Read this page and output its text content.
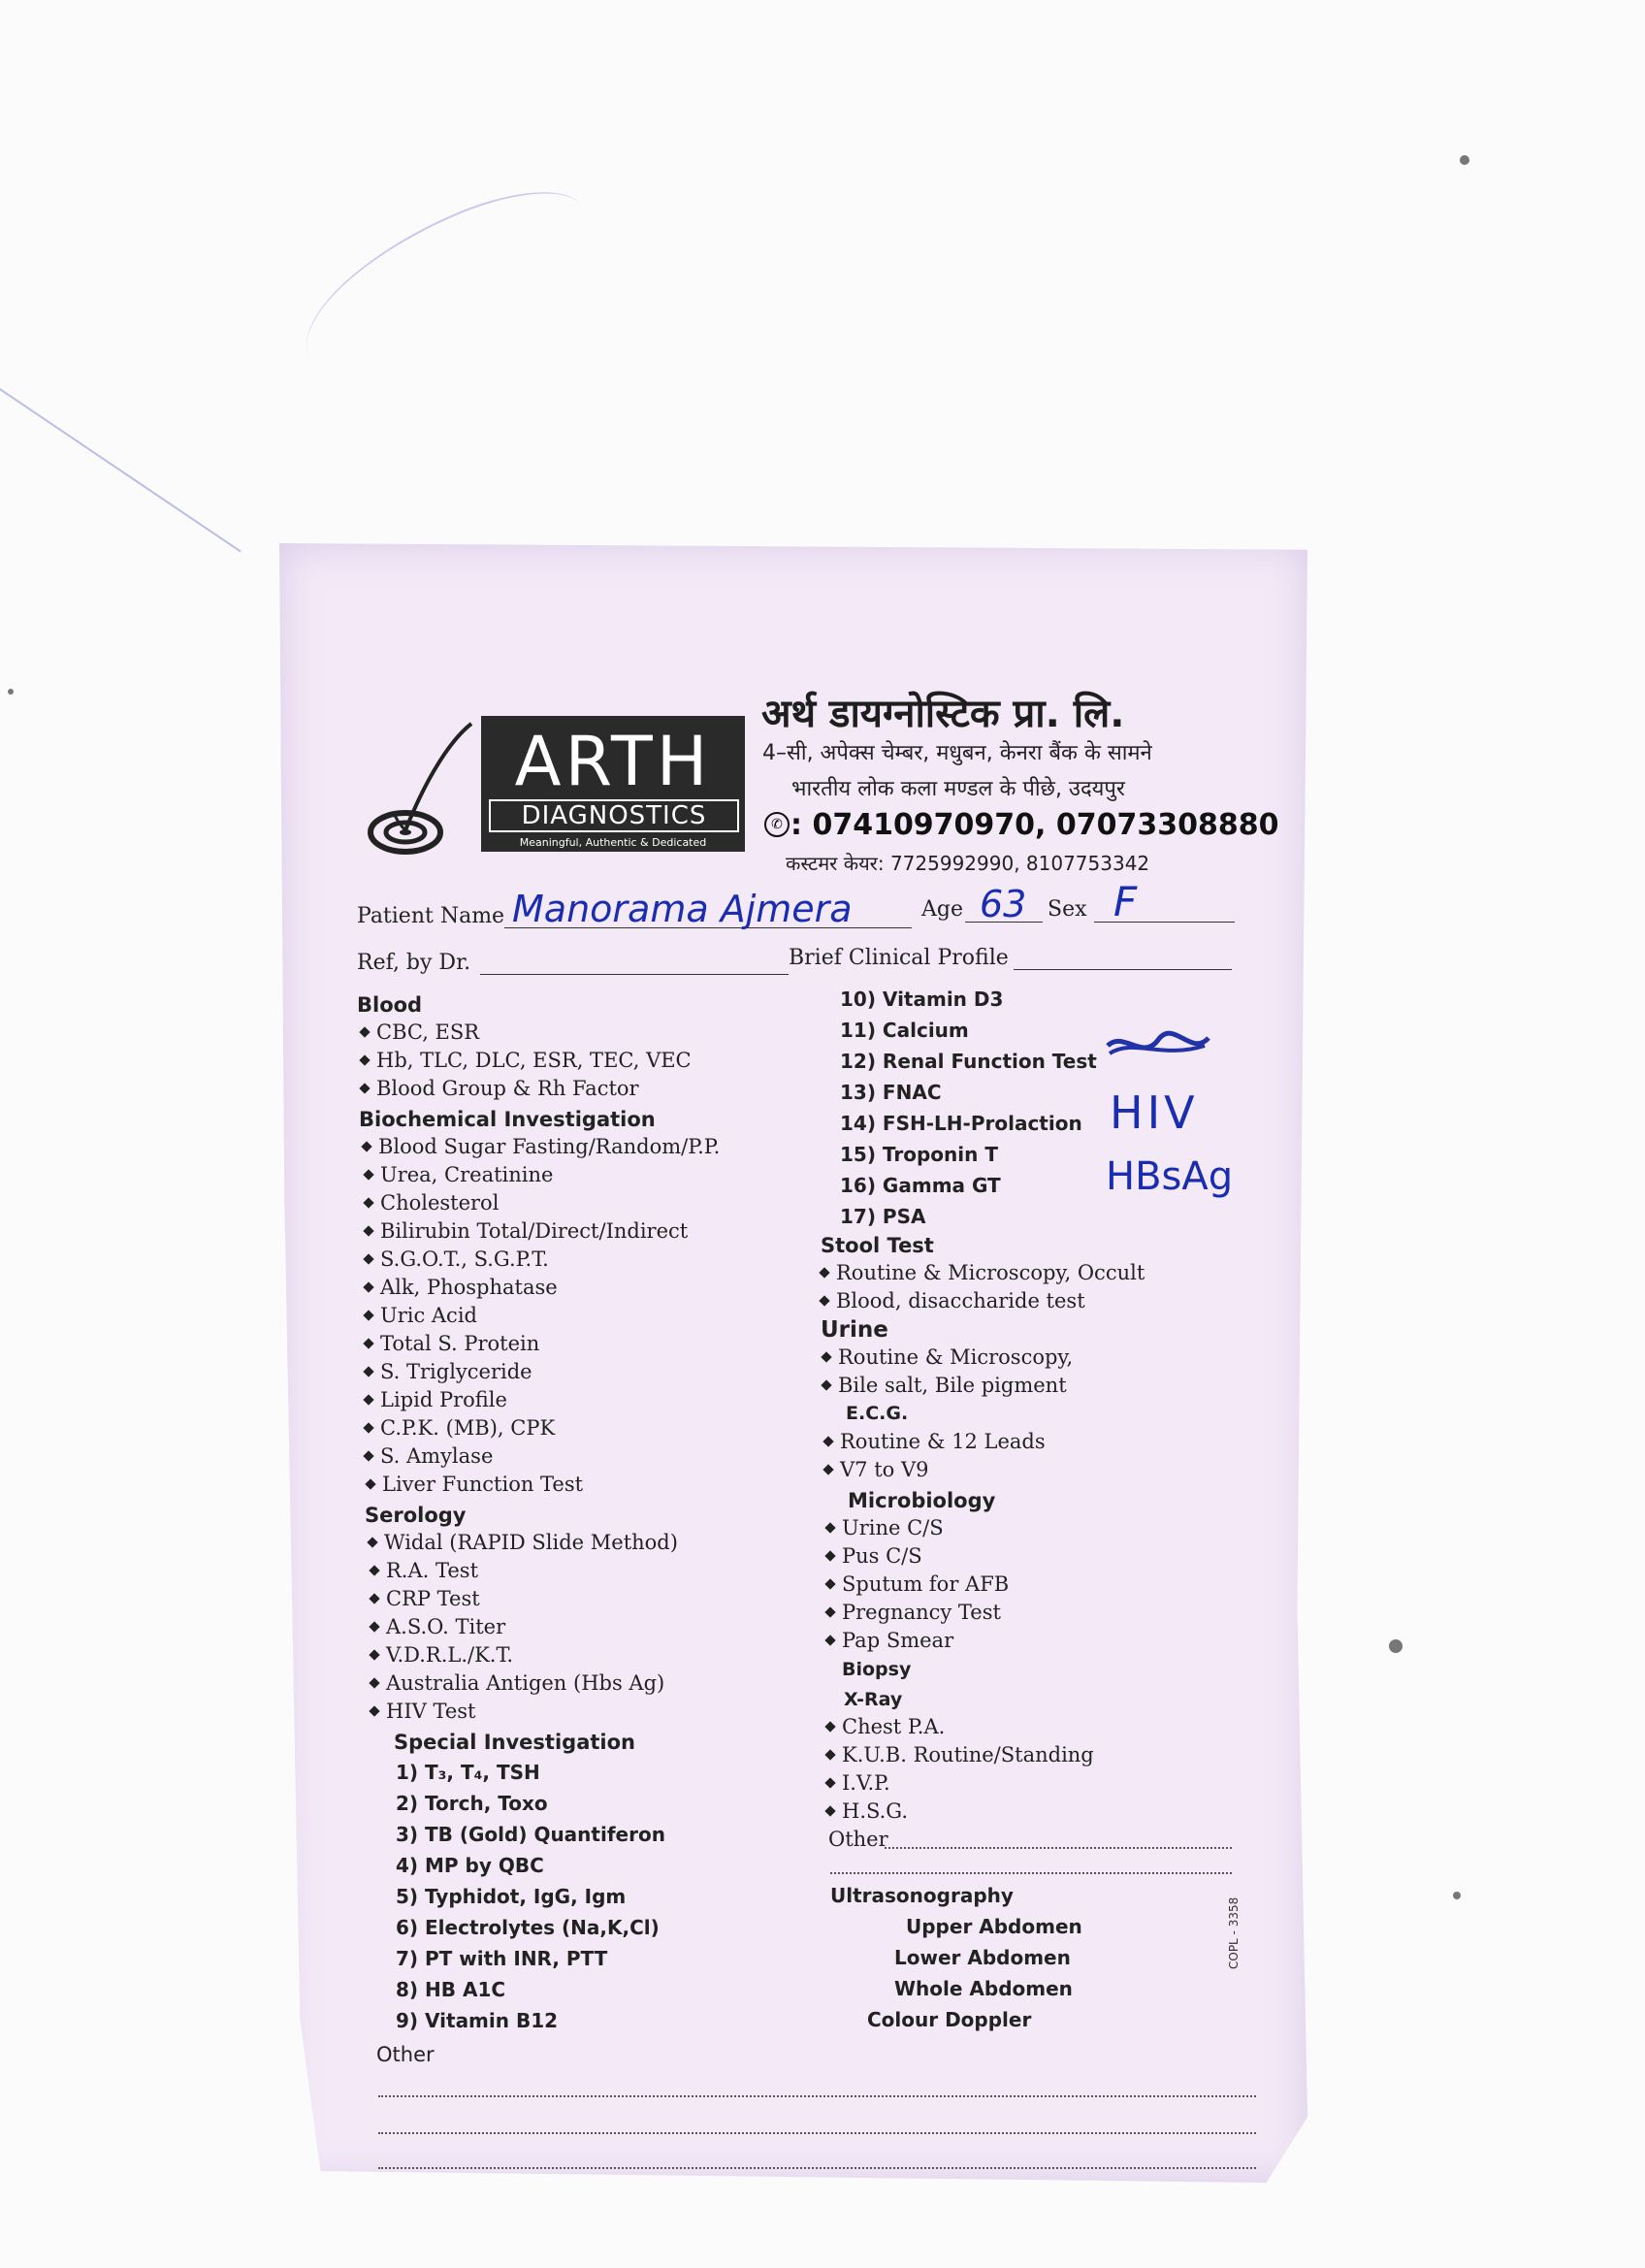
ARTH
DIAGNOSTICS
Meaningful, Authentic & Dedicated
अर्थ डायग्नोस्टिक प्रा. लि.
4–सी, अपेक्स चेम्बर, मधुबन, केनरा बैंक के सामने
भारतीय लोक कला मण्डल के पीछे, उदयपुर
✆ : 07410970970, 07073308880
कस्टमर केयर: 7725992990, 8107753342
Patient Name Manorama Ajmera	Age 63 Sex F
Ref, by Dr.	Brief Clinical Profile
Blood
CBC, ESR
Hb, TLC, DLC, ESR, TEC, VEC
Blood Group & Rh Factor
Biochemical Investigation
Blood Sugar Fasting/Random/P.P.
Urea, Creatinine
Cholesterol
Bilirubin Total/Direct/Indirect
S.G.O.T., S.G.P.T.
Alk, Phosphatase
Uric Acid
Total S. Protein
S. Triglyceride
Lipid Profile
C.P.K. (MB), CPK
S. Amylase
Liver Function Test
Serology
Widal (RAPID Slide Method)
R.A. Test
CRP Test
A.S.O. Titer
V.D.R.L./K.T.
Australia Antigen (Hbs Ag)
HIV Test
Special Investigation
1) T₃, T₄, TSH
2) Torch, Toxo
3) TB (Gold) Quantiferon
4) MP by QBC
5) Typhidot, IgG, Igm
6) Electrolytes (Na,K,Cl)
7) PT with INR, PTT
8) HB A1C
9) Vitamin B12
Other
10) Vitamin D3
11) Calcium
12) Renal Function Test
13) FNAC
14) FSH-LH-Prolaction
15) Troponin T
16) Gamma GT
17) PSA
HIV
HBsAg
Stool Test
Routine & Microscopy, Occult
Blood, disaccharide test
Urine
Routine & Microscopy,
Bile salt, Bile pigment
E.C.G.
Routine & 12 Leads
V7 to V9
Microbiology
Urine C/S
Pus C/S
Sputum for AFB
Pregnancy Test
Pap Smear
Biopsy
X-Ray
Chest P.A.
K.U.B. Routine/Standing
I.V.P.
H.S.G.
Other
Ultrasonography
Upper Abdomen
Lower Abdomen
Whole Abdomen
Colour Doppler
COPL - 3358
